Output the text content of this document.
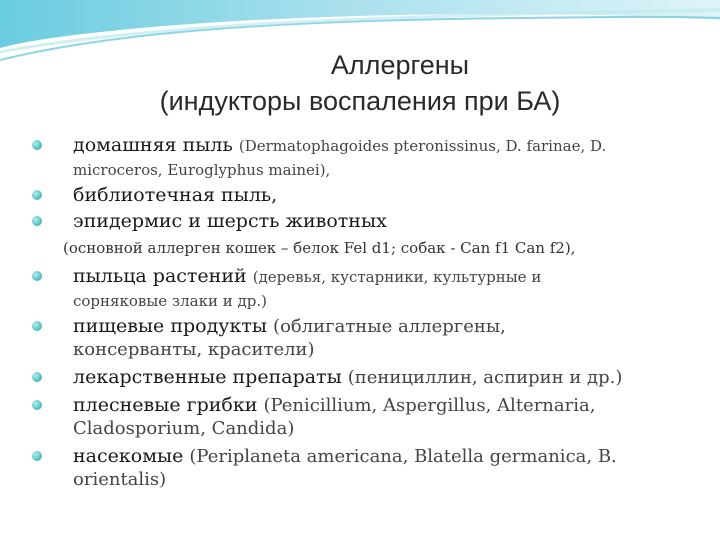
Аллергены
(индукторы воспаления при БА)
домашняя пыль (Dermatophagoides pteronissinus, D. farinae, D.
microceros, Euroglyphus mainei),
библиотечная пыль,
эпидермис и шерсть животных
(основной аллерген кошек – белок Fel d1; собак - Can f1 Can f2),
пыльца растений (деревья, кустарники, культурные и
сорняковые злаки и др.)
пищевые продукты (облигатные аллергены,
консерванты, красители)
лекарственные препараты (пенициллин, аспирин и др.)
плесневые грибки (Penicillium, Aspergillus, Alternaria,
Cladosporium, Candida)
насекомые (Periplaneta americana, Blatella germanica, B.
orientalis)
